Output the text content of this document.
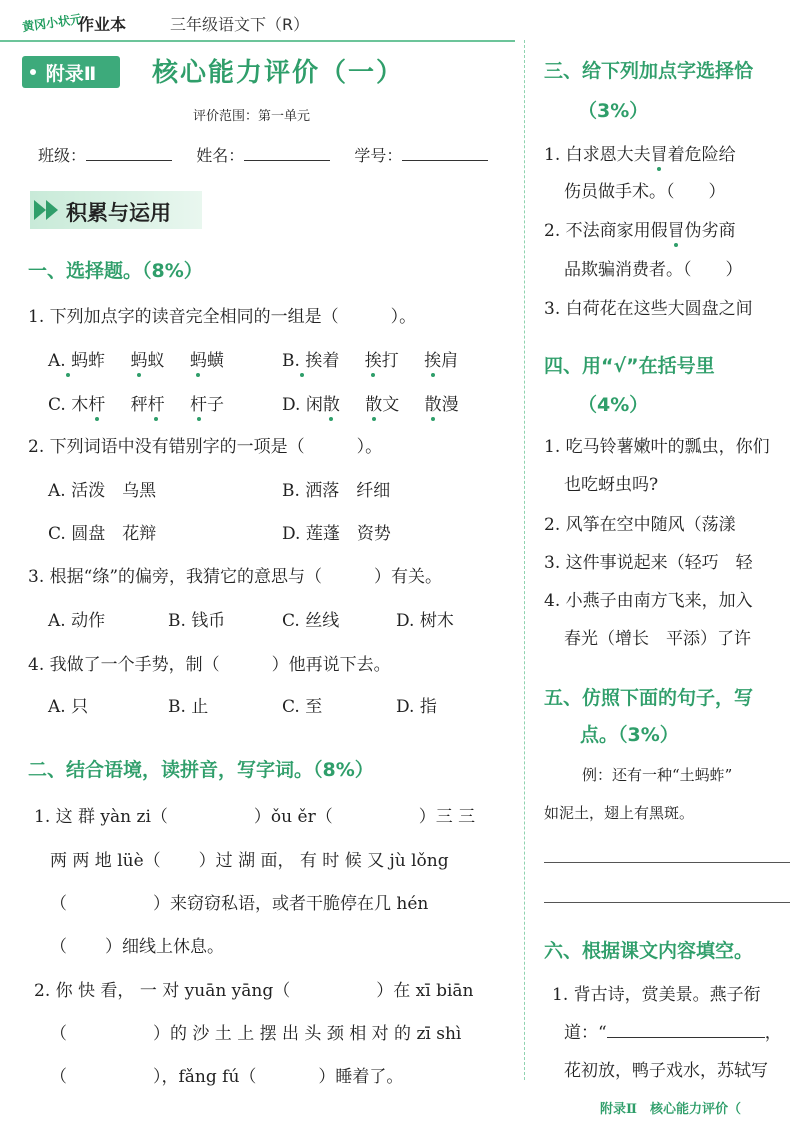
黄冈小状元
作业本	三年级语文下（R）
附录Ⅱ 核心能力评价（一）
评价范围：第一单元
班级：	姓名：	学号：
积累与运用
一、选择题。（8%）
1. 下列加点字的读音完全相同的一组是（	）。
A. 蚂蚱 蚂蚁 蚂蟥	B. 挨着 挨打 挨肩
C. 木杆 秤杆 杆子	D. 闲散 散文 散漫
2. 下列词语中没有错别字的一项是（	）。
A. 活泼　乌黑	B. 洒落　纤细
C. 圆盘　花辩	D. 莲蓬　资势
3. 根据“绦”的偏旁，我猜它的意思与（	）有关。
A. 动作	B. 钱币	C. 丝线	D. 树木
4. 我做了一个手势，制（	）他再说下去。
A. 只	B. 止	C. 至	D. 指
二、结合语境，读拼音，写字词。（8%）
1. 这 群 yàn zi（	）ǒu ěr（	）三 三
两 两 地 lüè（ ）过 湖 面， 有 时 候 又 jù lǒng
（	）来窃窃私语，或者干脆停在几 hén
（ ）细线上休息。
2. 你 快 看， 一 对 yuān yāng（	）在 xī biān
（	）的 沙 土 上 摆 出 头 颈 相 对 的 zī shì
（	），fǎng fú（	）睡着了。
三、给下列加点字选择恰
（3%）
1. 白求恩大夫冒着危险给
伤员做手术。（　　）
2. 不法商家用假冒伪劣商
品欺骗消费者。（　　）
3. 白荷花在这些大圆盘之间
四、用“√”在括号里
（4%）
1. 吃马铃薯嫩叶的瓢虫，你们
也吃蚜虫吗?
2. 风筝在空中随风（荡漾
3. 这件事说起来（轻巧　轻
4. 小燕子由南方飞来，加入
春光（增长　平添）了许
五、仿照下面的句子，写
点。（3%）
例：还有一种“土蚂蚱”
如泥土，翅上有黑斑。
六、根据课文内容填空。
1. 背古诗，赏美景。燕子衔
道：“	，
花初放，鸭子戏水，苏轼写
附录Ⅱ　核心能力评价（
